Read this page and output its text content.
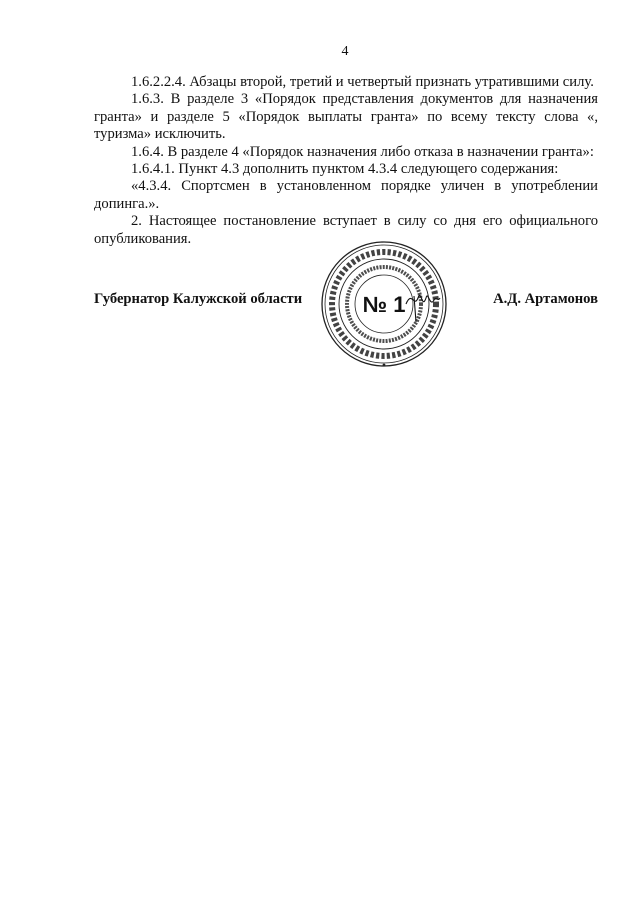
4

1.6.2.2.4. Абзацы второй, третий и четвертый признать утратившими силу.

1.6.3. В разделе 3 «Порядок представления документов для назначения гранта» и разделе 5 «Порядок выплаты гранта» по всему тексту слова «, туризма» исключить.

1.6.4. В разделе 4 «Порядок назначения либо отказа в назначении гранта»:

1.6.4.1. Пункт 4.3 дополнить пунктом 4.3.4 следующего содержания:

«4.3.4. Спортсмен в установленном порядке уличен в употреблении допинга.».

2. Настоящее постановление вступает в силу со дня его официального опубликования.

Губернатор Калужской области	А.Д. Артамонов
№ 1
